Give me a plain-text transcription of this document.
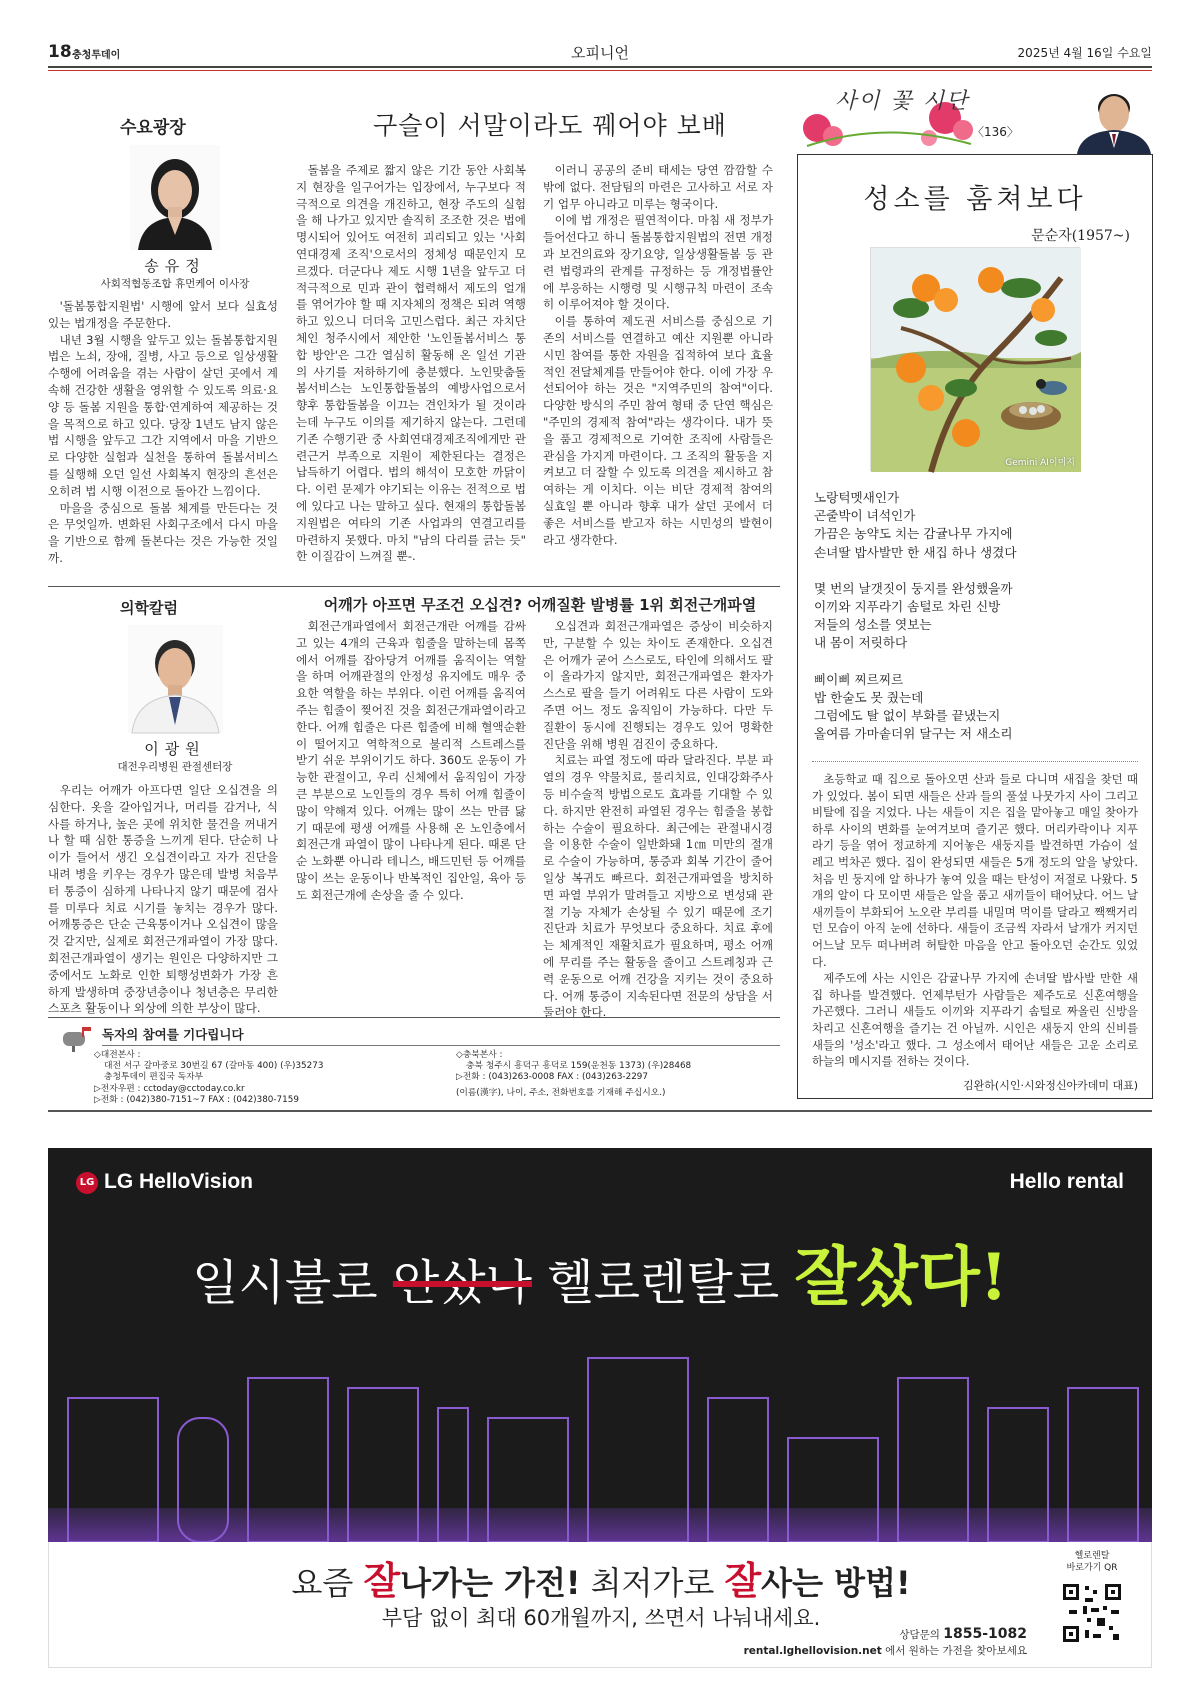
18 충청투데이	오피니언	2025년 4월 16일 수요일
수요광장	구슬이 서말이라도 꿰어야 보배
송유정
사회적협동조합 휴먼케어 이사장

'돌봄통합지원법' 시행에 앞서 보다 실효성 있는 법개정을 주문한다.

내년 3월 시행을 앞두고 있는 돌봄통합지원법은 노쇠, 장애, 질병, 사고 등으로 일상생활 수행에 어려움을 겪는 사람이 살던 곳에서 계속해 건강한 생활을 영위할 수 있도록 의료·요양 등 돌봄 지원을 통합·연계하여 제공하는 것을 목적으로 하고 있다. 당장 1년도 남지 않은 법 시행을 앞두고 그간 지역에서 마을 기반으로 다양한 실험과 실천을 통하여 돌봄서비스를 실행해 오던 일선 사회복지 현장의 흔선은 오히려 법 시행 이전으로 돌아간 느낌이다.

마을을 중심으로 돌봄 체계를 만든다는 것은 무엇일까. 변화된 사회구조에서 다시 마을을 기반으로 함께 돌본다는 것은 가능한 것일까.

돌봄을 주제로 짧지 않은 기간 동안 사회복지 현장을 일구어가는 입장에서, 누구보다 적극적으로 의견을 개진하고, 현장 주도의 실험을 해 나가고 있지만 솔직히 조조한 것은 법에 명시되어 있어도 여전히 괴리되고 있는 '사회연대경제 조직'으로서의 정체성 때문인지 모르겠다. 더군다나 제도 시행 1년을 앞두고 더 적극적으로 민과 관이 협력해서 제도의 얼개를 엮어가야 할 때 지자체의 정책은 되려 역행하고 있으니 더더욱 고민스럽다. 최근 자치단체인 청주시에서 제안한 '노인돌봄서비스 통합 방안'은 그간 열심히 활동해 온 일선 기관의 사기를 저하하기에 충분했다. 노인맞춤돌봄서비스는 노인통합돌봄의 예방사업으로서 향후 통합돌봄을 이끄는 견인차가 될 것이라는데 누구도 이의를 제기하지 않는다. 그런데 기존 수행기관 중 사회연대경제조직에게만 관련근거 부족으로 지원이 제한된다는 결정은 납득하기 어렵다. 법의 해석이 모호한 까닭이다. 이런 문제가 야기되는 이유는 전적으로 법에 있다고 나는 말하고 싶다. 현재의 통합돌봄지원법은 여타의 기존 사업과의 연결고리를 마련하지 못했다. 마치 "남의 다리를 긁는 듯" 한 이질감이 느껴질 뿐-.

이러니 공공의 준비 태세는 당연 깜깜할 수밖에 없다. 전담팀의 마련은 고사하고 서로 자기 업무 아니라고 미루는 형국이다.

이에 법 개정은 필연적이다. 마침 새 정부가 들어선다고 하니 돌봄통합지원법의 전면 개정과 보건의료와 장기요양, 일상생활돌봄 등 관련 법령과의 관계를 규정하는 등 개정법률안에 부응하는 시행령 및 시행규칙 마련이 조속히 이루어져야 할 것이다.

이를 통하여 제도권 서비스를 중심으로 기존의 서비스를 연결하고 예산 지원뿐 아니라 시민 참여를 통한 자원을 집적하여 보다 효율적인 전달체계를 만들어야 한다. 이에 가장 우선되어야 하는 것은 "지역주민의 참여"이다. 다양한 방식의 주민 참여 형태 중 단연 핵심은 "주민의 경제적 참여"라는 생각이다. 내가 뜻을 품고 경제적으로 기여한 조직에 사람들은 관심을 가지게 마련이다. 그 조직의 활동을 지켜보고 더 잘할 수 있도록 의견을 제시하고 참여하는 게 이치다. 이는 비단 경제적 참여의 실효일 뿐 아니라 향후 내가 살던 곳에서 더 좋은 서비스를 받고자 하는 시민성의 발현이라고 생각한다.

의학칼럼	어깨가 아프면 무조건 오십견? 어깨질환 발병률 1위 회전근개파열
이광원
대전우리병원 관절센터장

우리는 어깨가 아프다면 일단 오십견을 의심한다. 옷을 갈아입거나, 머리를 감거나, 식사를 하거나, 높은 곳에 위치한 물건을 꺼내거나 할 때 심한 통증을 느끼게 된다. 단순히 나이가 들어서 생긴 오십견이라고 자가 진단을 내려 병을 키우는 경우가 많은데 발병 처음부터 통증이 심하게 나타나지 않기 때문에 검사를 미루다 치료 시기를 놓치는 경우가 많다. 어깨통증은 단순 근육통이거나 오십견이 많을 것 같지만, 실제로 회전근개파열이 가장 많다. 회전근개파열이 생기는 원인은 다양하지만 그중에서도 노화로 인한 퇴행성변화가 가장 흔하게 발생하며 중장년층이나 청년층은 무리한 스포츠 활동이나 외상에 의한 부상이 많다.

회전근개파열에서 회전근개란 어깨를 감싸고 있는 4개의 근육과 힘줄을 말하는데 몸쪽에서 어깨를 잡아당겨 어깨를 움직이는 역할을 하며 어깨관절의 안정성 유지에도 매우 중요한 역할을 하는 부위다. 이런 어깨를 움직여주는 힘줄이 찢어진 것을 회전근개파열이라고 한다. 어깨 힘줄은 다른 힘줄에 비해 혈액순환이 떨어지고 역학적으로 불리적 스트레스를 받기 쉬운 부위이기도 하다. 360도 운동이 가능한 관절이고, 우리 신체에서 움직임이 가장 큰 부분으로 노인들의 경우 특히 어깨 힘줄이 많이 약해져 있다. 어깨는 많이 쓰는 만큼 닳기 때문에 평생 어깨를 사용해 온 노인층에서 회전근개 파열이 많이 나타나게 된다. 때론 단순 노화뿐 아니라 테니스, 배드민턴 등 어깨를 많이 쓰는 운동이나 반복적인 집안일, 육아 등도 회전근개에 손상을 줄 수 있다.

오십견과 회전근개파열은 증상이 비슷하지만, 구분할 수 있는 차이도 존재한다. 오십견은 어깨가 굳어 스스로도, 타인에 의해서도 팔이 올라가지 않지만, 회전근개파열은 환자가 스스로 팔을 들기 어려워도 다른 사람이 도와주면 어느 정도 움직임이 가능하다. 다만 두 질환이 동시에 진행되는 경우도 있어 명확한 진단을 위해 병원 검진이 중요하다.

치료는 파열 정도에 따라 달라진다. 부분 파열의 경우 약물치료, 물리치료, 인대강화주사 등 비수술적 방법으로도 효과를 기대할 수 있다. 하지만 완전히 파열된 경우는 힘줄을 봉합하는 수술이 필요하다. 최근에는 관절내시경을 이용한 수술이 일반화돼 1㎝ 미만의 절개로 수술이 가능하며, 통증과 회복 기간이 줄어 일상 복귀도 빠르다. 회전근개파열을 방치하면 파열 부위가 말려들고 지방으로 변성돼 관절 기능 자체가 손상될 수 있기 때문에 조기 진단과 치료가 무엇보다 중요하다. 치료 후에는 체계적인 재활치료가 필요하며, 평소 어깨에 무리를 주는 활동을 줄이고 스트레칭과 근력 운동으로 어깨 건강을 지키는 것이 중요하다. 어깨 통증이 지속된다면 전문의 상담을 서둘러야 한다.

독자의 참여를 기다립니다
◇대전본사 :
대전 서구 갈마중로 30번길 67 (갈마동 400) (우)35273
충청투데이 편집국 독자부
▷전자우편 : cctoday@cctoday.co.kr
▷전화 : (042)380-7151~7 FAX : (042)380-7159
◇충북본사 :
충북 청주시 흥덕구 흥덕로 159(운천동 1373) (우)28468
▷전화 : (043)263-0008 FAX : (043)263-2297
(이름(漢字), 나이, 주소, 전화번호를 기재해 주십시오.)
사이 꽃 시단
〈136〉
성소를 훔쳐보다
문순자(1957~)
Gemini AI이미지
노랑턱멧새인가
곤줄박이 녀석인가
가끔은 농약도 치는 감귤나무 가지에
손녀딸 밥사발만 한 새집 하나 생겼다
몇 번의 날갯짓이 둥지를 완성했을까
이끼와 지푸라기 솜털로 차린 신방
저들의 성소를 엿보는
내 몸이 저릿하다
삐이삐 찌르찌르
밥 한술도 못 줬는데
그럼에도 탈 없이 부화를 끝냈는지
올여름 가마솥더위 달구는 저 새소리

초등학교 때 집으로 돌아오면 산과 들로 다니며 새집을 찾던 때가 있었다. 봄이 되면 새들은 산과 들의 풀섶 나뭇가지 사이 그리고 비탈에 집을 지었다. 나는 새들이 지은 집을 맡아놓고 매일 찾아가 하루 사이의 변화를 눈여겨보며 즐기곤 했다. 머리카락이나 지푸라기 등을 엮어 정교하게 지어놓은 새둥지를 발견하면 가슴이 설레고 벅차곤 했다. 집이 완성되면 새들은 5개 정도의 알을 낳았다. 처음 빈 둥지에 알 하나가 놓여 있을 때는 탄성이 저절로 나왔다. 5개의 알이 다 모이면 새들은 알을 품고 새끼들이 태어났다. 어느 날 새끼들이 부화되어 노오란 부리를 내밀며 먹이를 달라고 짹짹거리던 모습이 아직 눈에 선하다. 새들이 조금씩 자라서 날개가 커지던 어느날 모두 떠나버려 허탈한 마음을 안고 돌아오던 순간도 있었다.

제주도에 사는 시인은 감귤나무 가지에 손녀딸 밥사발 만한 새집 하나를 발견했다. 언제부턴가 사람들은 제주도로 신혼여행을 가곤했다. 그러니 새들도 이끼와 지푸라기 솜털로 짜올린 신방을 차리고 신혼여행을 즐기는 건 아닐까. 시인은 새둥지 안의 신비를 새들의 '성소'라고 했다. 그 성소에서 태어난 새들은 고운 소리로 하늘의 메시지를 전하는 것이다.

김완하(시인·시와정신아카데미 대표)
LG LG HelloVision	Hello rental
일시불로 안샀나 헬로렌탈로 잘샀다!
요즘 잘나가는 가전! 최저가로 잘사는 방법!
부담 없이 최대 60개월까지, 쓰면서 나눠내세요.
상담문의 1855-1082
rental.lghellovision.net 에서 원하는 가전을 찾아보세요
헬로렌탈
바로가기 QR
